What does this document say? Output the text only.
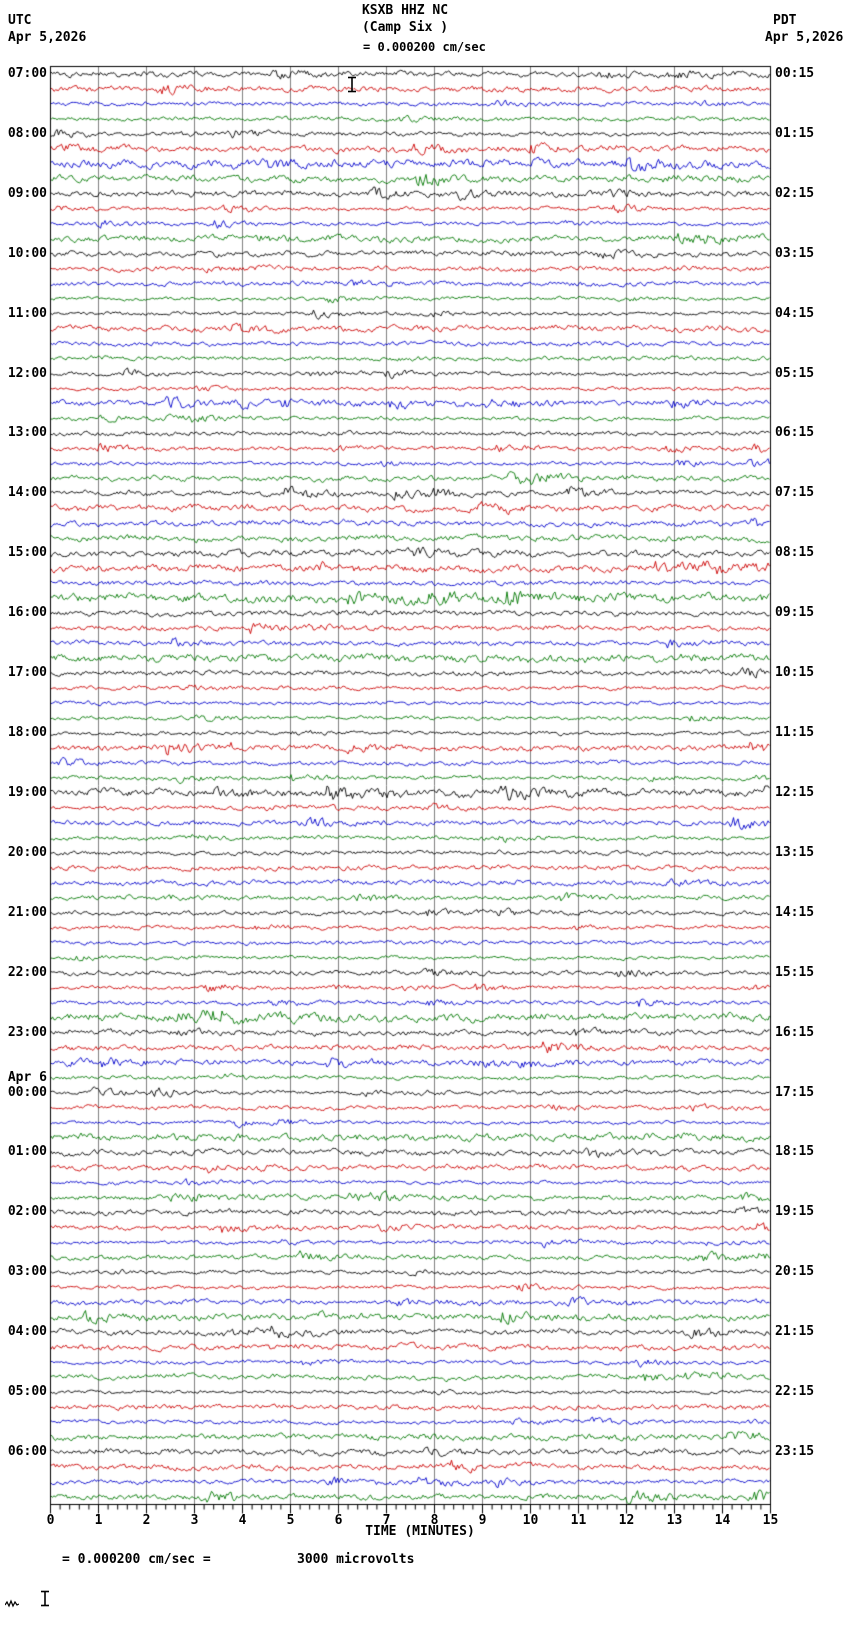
UTC
Apr 5,2026
PDT
Apr 5,2026
KSXB HHZ NC
(Camp Six )

= 0.000200 cm/sec
07:00
08:00
09:00
10:00
11:00
12:00
13:00
14:00
15:00
16:00
17:00
18:00
19:00
20:00
21:00
22:00
23:00
00:00
Apr 6
01:00
02:00
03:00
04:00
05:00
06:00
00:15
01:15
02:15
03:15
04:15
05:15
06:15
07:15
08:15
09:15
10:15
11:15
12:15
13:15
14:15
15:15
16:15
17:15
18:15
19:15
20:15
21:15
22:15
23:15
0	1	2	3	4	5	6	7	8	9	10	11	12	13	14	15
TIME (MINUTES)

= 0.000200 cm/sec =	3000 microvolts
